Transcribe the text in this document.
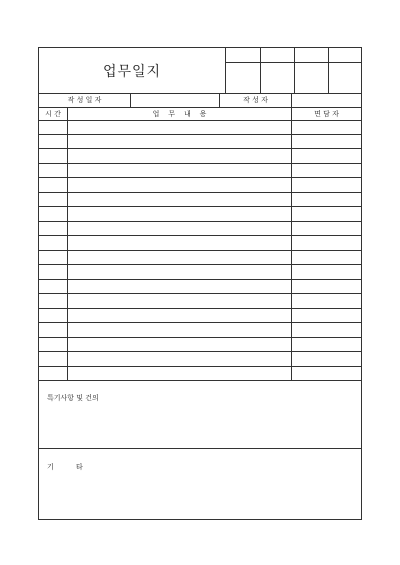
업무일지
작 성 일 자	작 성 자
시 간	업    무    내    용	면 담 자
특기사항 및 건의
기          타
